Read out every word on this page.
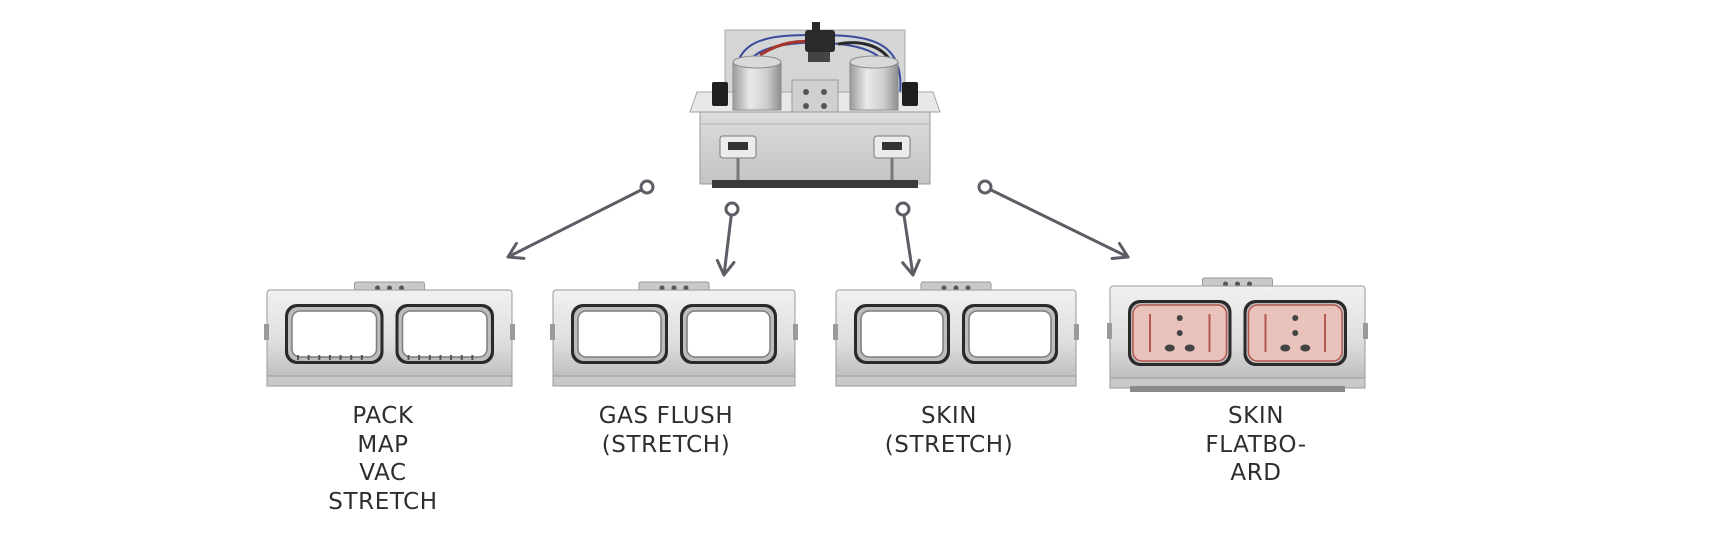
PACK
MAP
VAC
STRETCH
GAS FLUSH
(STRETCH)
SKIN
(STRETCH)
SKIN
FLATBO-
ARD
